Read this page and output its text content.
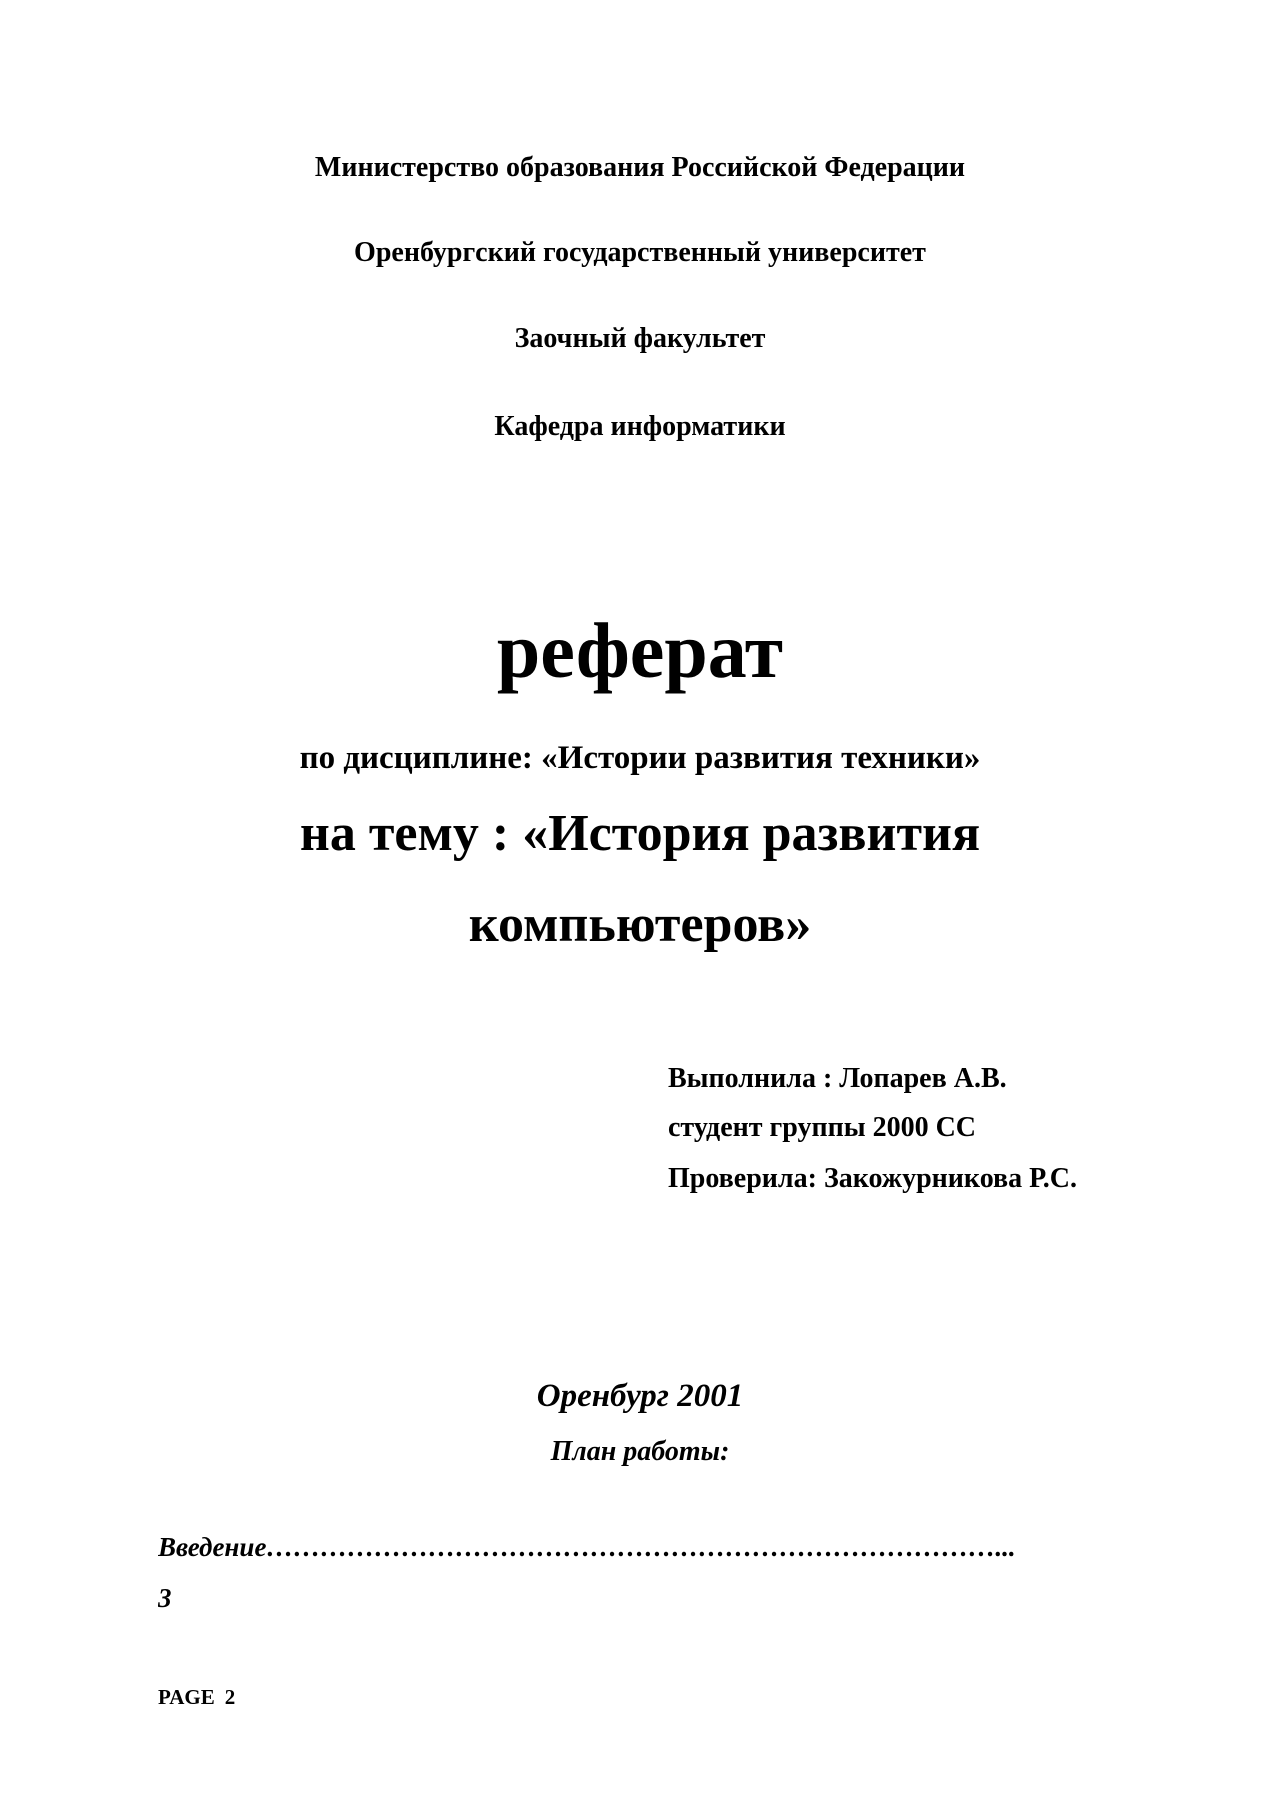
Министерство образования Российской Федерации
Оренбургский государственный университет
Заочный факультет
Кафедра информатики
реферат
по дисциплине: «Истории развития техники»
на тему : «История развития
компьютеров»
Выполнила : Лопарев А.В.
студент группы 2000 СС
Проверила: Закожурникова Р.С.
Оренбург 2001
План работы:
Введение………………………………………………………………………...
3
PAGE 2
